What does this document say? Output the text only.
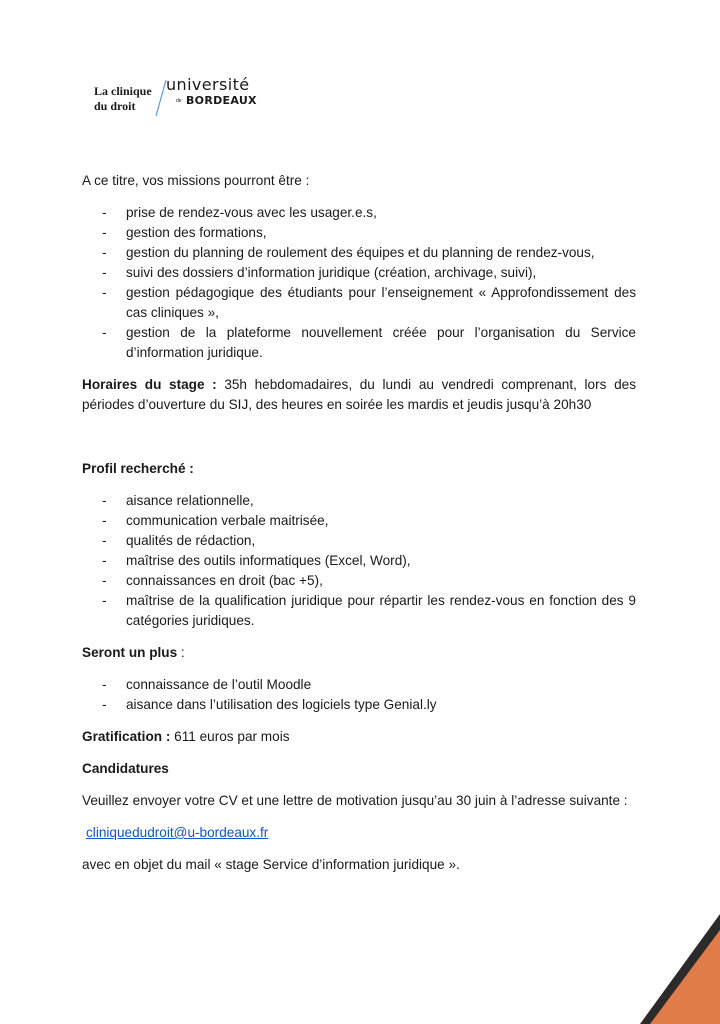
La clinique
du droit
université
de BORDEAUX

A ce titre, vos missions pourront être :

- prise de rendez-vous avec les usager.e.s,
- gestion des formations,
- gestion du planning de roulement des équipes et du planning de rendez-vous,
- suivi des dossiers d’information juridique (création, archivage, suivi),
- gestion pédagogique des étudiants pour l’enseignement « Approfondissement des cas cliniques »,
- gestion de la plateforme nouvellement créée pour l’organisation du Service d’information juridique.

Horaires du stage : 35h hebdomadaires, du lundi au vendredi comprenant, lors des périodes d’ouverture du SIJ, des heures en soirée les mardis et jeudis jusqu’à 20h30

Profil recherché :

- aisance relationnelle,
- communication verbale maitrisée,
- qualités de rédaction,
- maîtrise des outils informatiques (Excel, Word),
- connaissances en droit (bac +5),
- maîtrise de la qualification juridique pour répartir les rendez-vous en fonction des 9 catégories juridiques.

Seront un plus :

- connaissance de l’outil Moodle
- aisance dans l’utilisation des logiciels type Genial.ly

Gratification : 611 euros par mois

Candidatures

Veuillez envoyer votre CV et une lettre de motivation jusqu’au 30 juin à l’adresse suivante :

cliniquedudroit@u-bordeaux.fr

avec en objet du mail « stage Service d’information juridique ».
